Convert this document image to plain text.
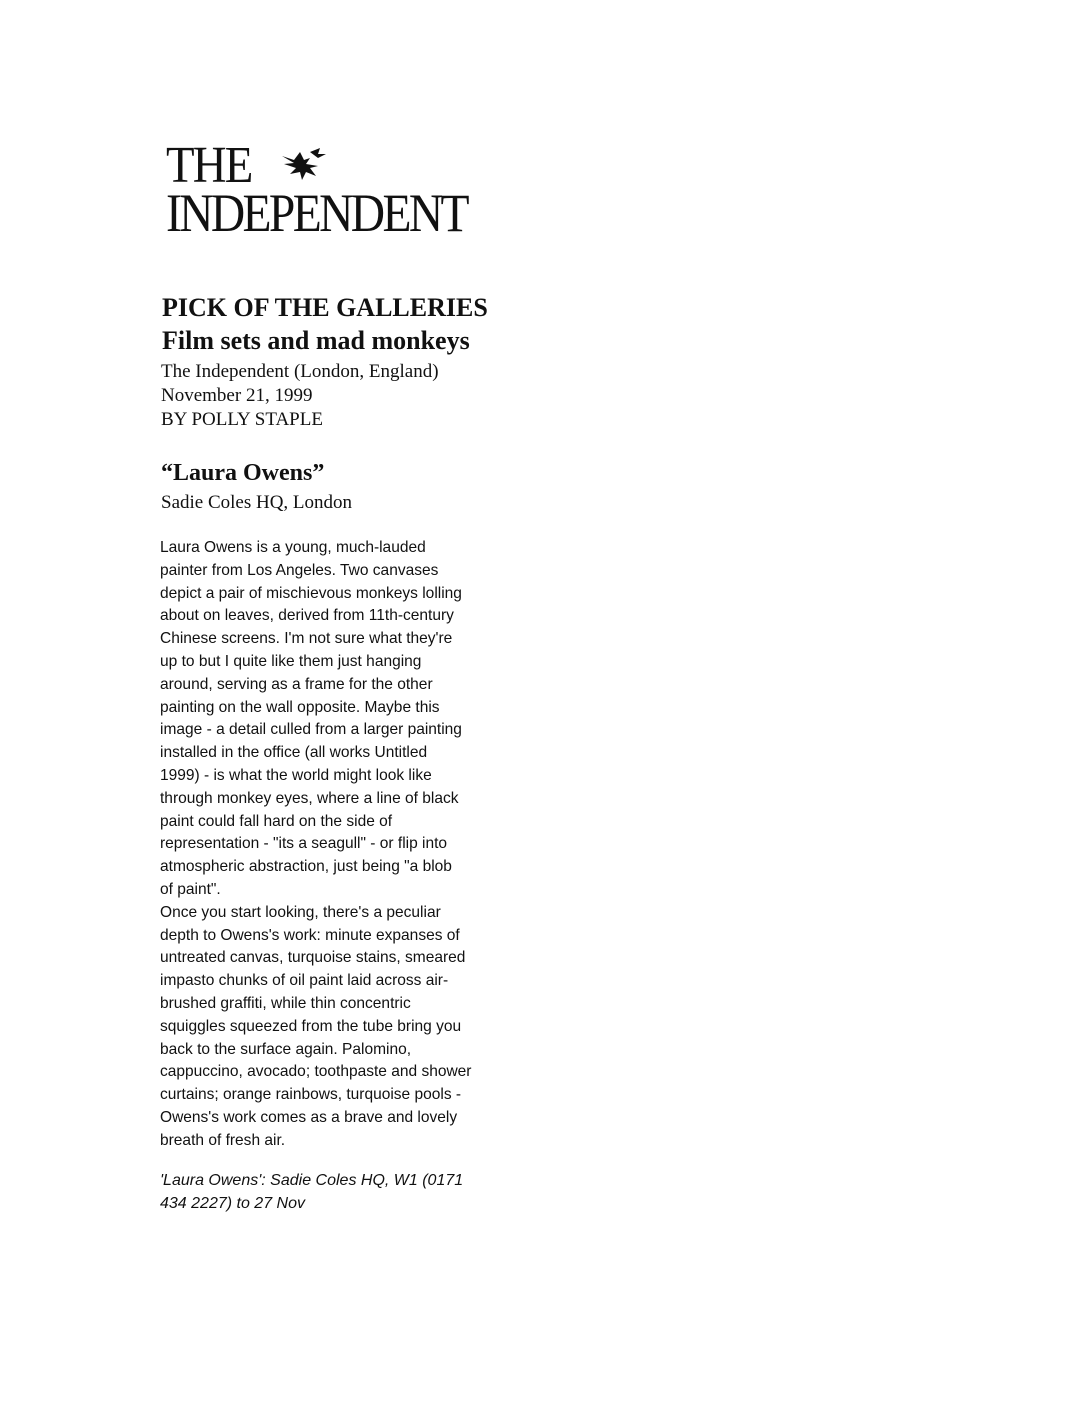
THE
INDEPENDENT
PICK OF THE GALLERIES
Film sets and mad monkeys
The Independent (London, England)
November 21, 1999
BY POLLY STAPLE
“Laura Owens”
Sadie Coles HQ, London
Laura Owens is a young, much-lauded
painter from Los Angeles. Two canvases
depict a pair of mischievous monkeys lolling
about on leaves, derived from 11th-century
Chinese screens. I'm not sure what they're
up to but I quite like them just hanging
around, serving as a frame for the other
painting on the wall opposite. Maybe this
image - a detail culled from a larger painting
installed in the office (all works Untitled
1999) - is what the world might look like
through monkey eyes, where a line of black
paint could fall hard on the side of
representation - "its a seagull" - or flip into
atmospheric abstraction, just being "a blob
of paint".
Once you start looking, there's a peculiar
depth to Owens's work: minute expanses of
untreated canvas, turquoise stains, smeared
impasto chunks of oil paint laid across air-
brushed graffiti, while thin concentric
squiggles squeezed from the tube bring you
back to the surface again. Palomino,
cappuccino, avocado; toothpaste and shower
curtains; orange rainbows, turquoise pools -
Owens's work comes as a brave and lovely
breath of fresh air.
'Laura Owens': Sadie Coles HQ, W1 (0171
434 2227) to 27 Nov
